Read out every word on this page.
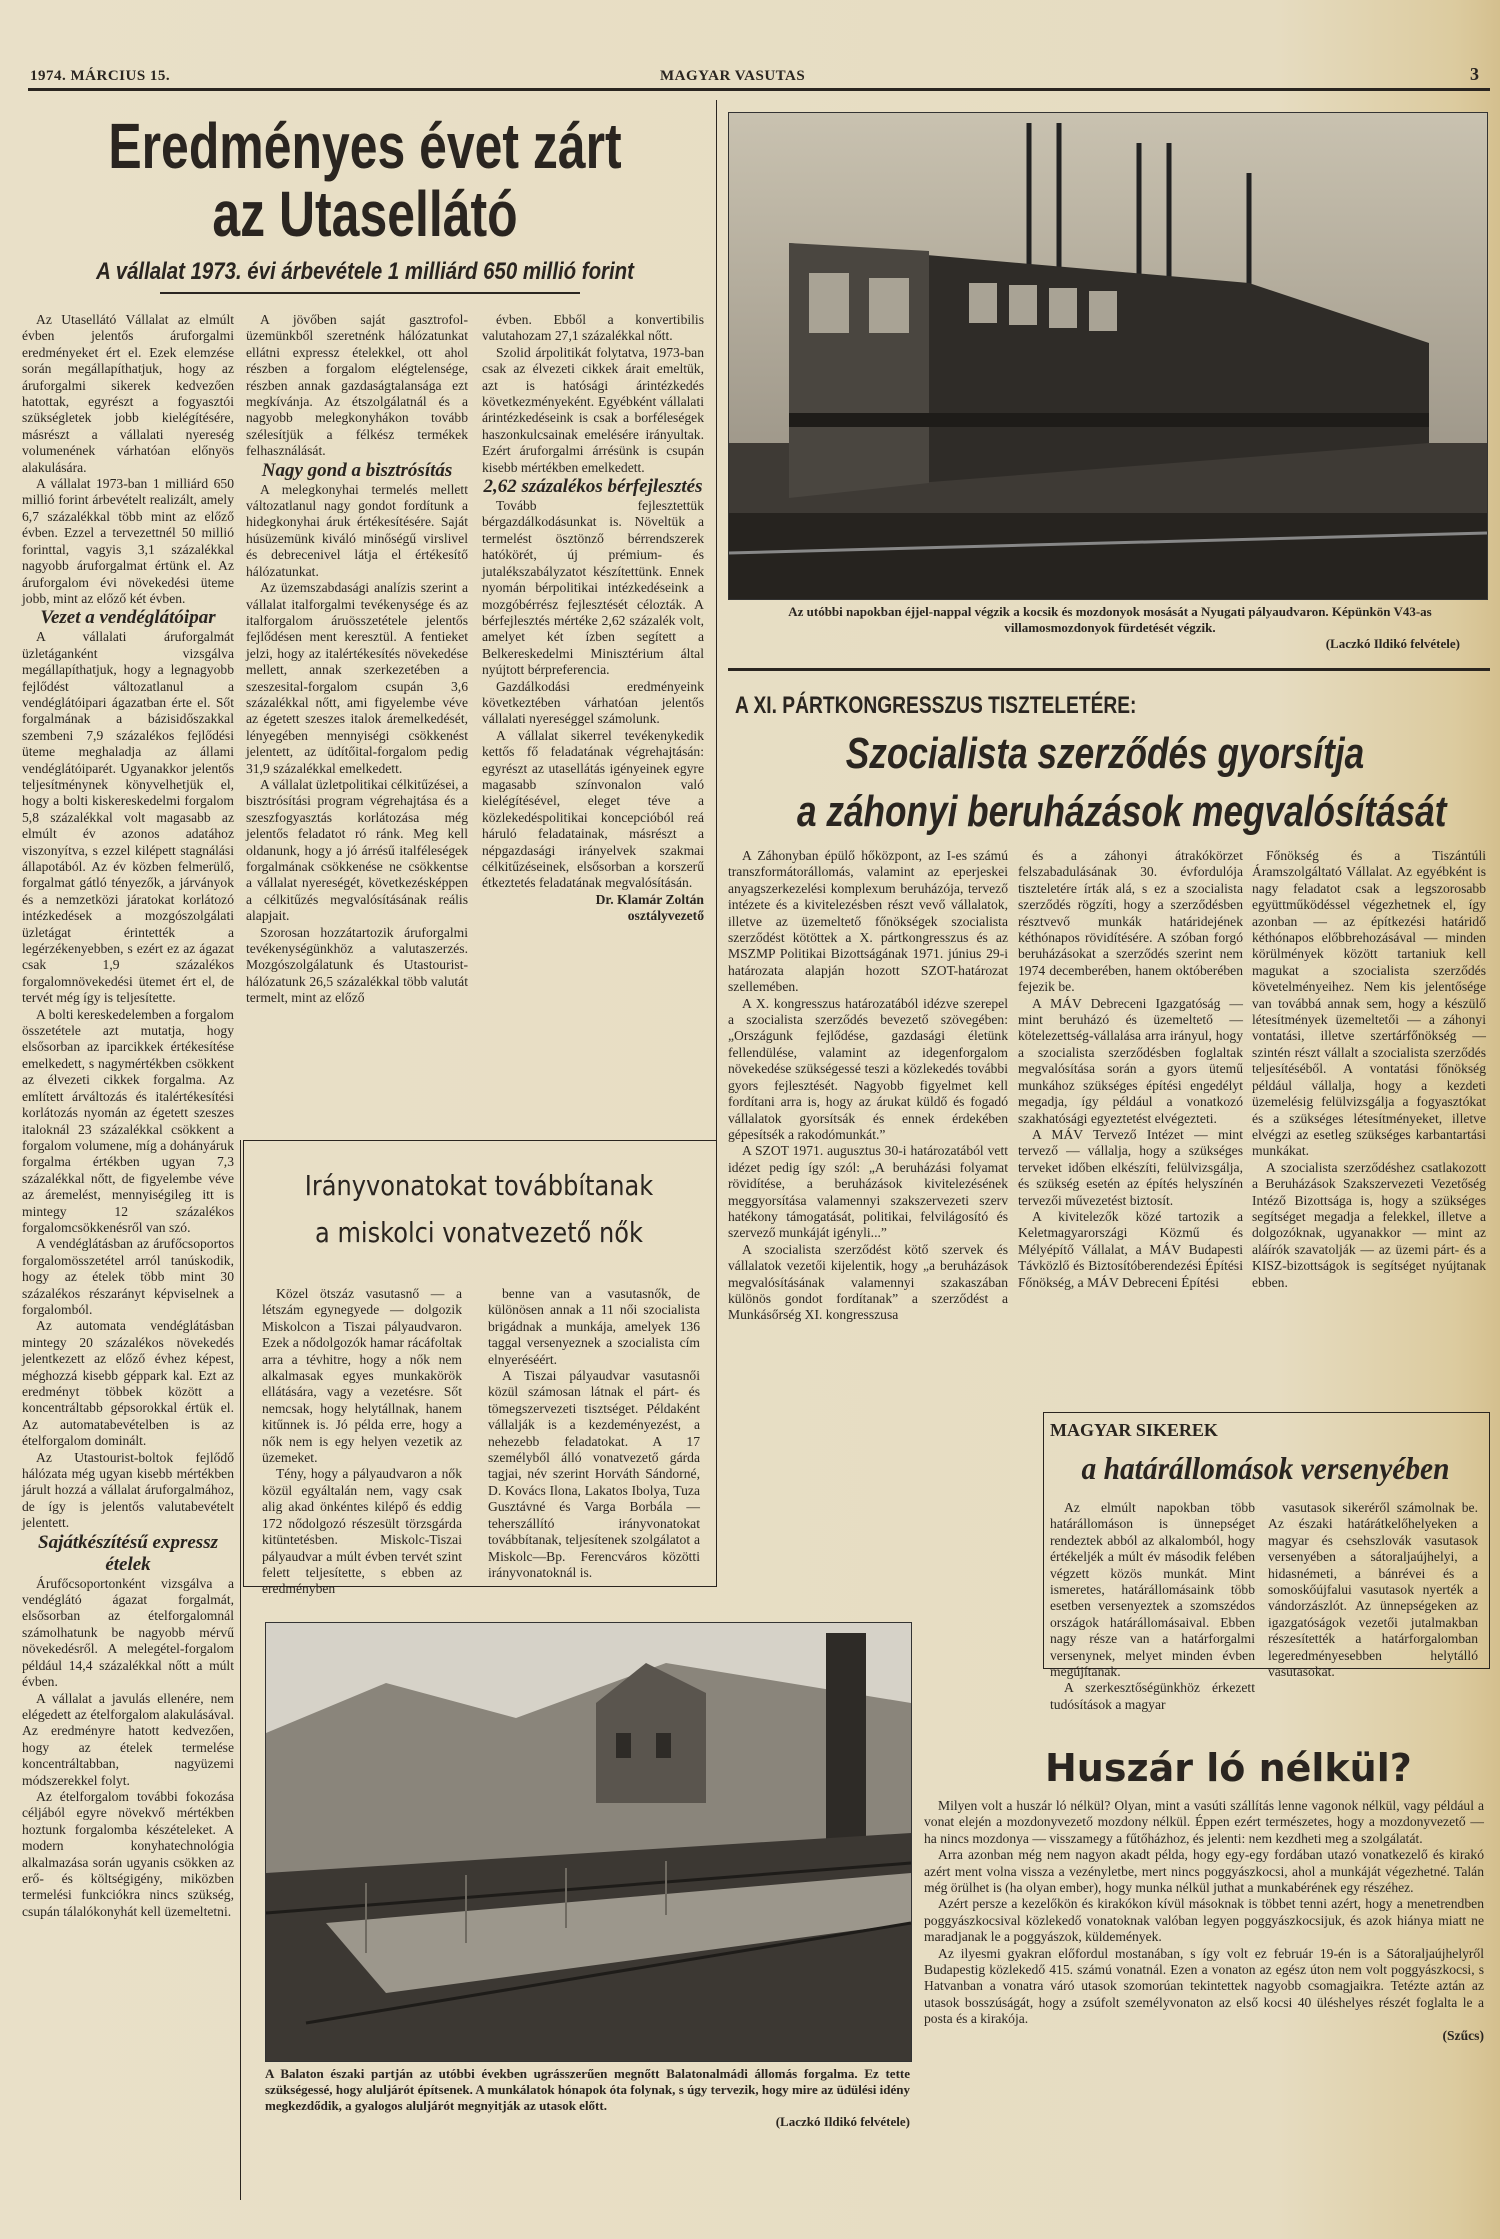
1974. MÁRCIUS 15.	MAGYAR VASUTAS	3
Eredményes évet zárt
az Utasellátó
A vállalat 1973. évi árbevétele 1 milliárd 650 millió forint

Az Utasellátó Vállalat az elmúlt évben jelentős áruforgalmi eredményeket ért el. Ezek elemzése során megállapíthatjuk, hogy az áruforgalmi sikerek kedvezően hatottak, egyrészt a fogyasztói szükségletek jobb kielégítésére, másrészt a vállalati nyereség volumenének várhatóan előnyös alakulására.

A vállalat 1973-ban 1 milliárd 650 millió forint árbevételt realizált, amely 6,7 százalékkal több mint az előző évben. Ezzel a tervezettnél 50 millió forinttal, vagyis 3,1 százalékkal nagyobb áruforgalmat értünk el. Az áruforgalom évi növekedési üteme jobb, mint az előző két évben.

Vezet a vendéglátóipar

A vállalati áruforgalmát üzletáganként vizsgálva megállapíthatjuk, hogy a legnagyobb fejlődést változatlanul a vendéglátóipari ágazatban érte el. Sőt forgalmának a bázisidőszakkal szembeni 7,9 százalékos fejlődési üteme meghaladja az állami vendéglátóiparét. Ugyanakkor jelentős teljesítménynek könyvelhetjük el, hogy a bolti kiskereskedelmi forgalom 5,8 százalékkal volt magasabb az elmúlt év azonos adatához viszonyítva, s ezzel kilépett stagnálási állapotából. Az év közben felmerülő, forgalmat gátló tényezők, a járványok és a nemzetközi járatokat korlátozó intézkedések a mozgószolgálati üzletágat érintették a legérzékenyebben, s ezért ez az ágazat csak 1,9 százalékos forgalomnövekedési ütemet ért el, de tervét még így is teljesítette.

A bolti kereskedelemben a forgalom összetétele azt mutatja, hogy elsősorban az iparcikkek értékesítése emelkedett, s nagymértékben csökkent az élvezeti cikkek forgalma. Az említett árváltozás és italértékesítési korlátozás nyomán az égetett szeszes italoknál 23 százalékkal csökkent a forgalom volumene, míg a dohányáruk forgalma értékben ugyan 7,3 százalékkal nőtt, de figyelembe véve az áremelést, mennyiségileg itt is mintegy 12 százalékos forgalomcsökkenésről van szó.

A vendéglátásban az árufőcsoportos forgalomösszetétel arról tanúskodik, hogy az ételek több mint 30 százalékos részarányt képviselnek a forgalomból.

Az automata vendéglátásban mintegy 20 százalékos növekedés jelentkezett az előző évhez képest, méghozzá kisebb géppark kal. Ezt az eredményt többek között a koncentráltabb gépsorokkal értük el. Az automatabevételben is az ételforgalom dominált.

Az Utastourist-boltok fejlődő hálózata még ugyan kisebb mértékben járult hozzá a vállalat áruforgalmához, de így is jelentős valutabevételt jelentett.

Sajátkészítésű expressz ételek

Árufőcsoportonként vizsgálva a vendéglátó ágazat forgalmát, elsősorban az ételforgalomnál számolhatunk be nagyobb mérvű növekedésről. A melegétel-forgalom például 14,4 százalékkal nőtt a múlt évben.

A vállalat a javulás ellenére, nem elégedett az ételforgalom alakulásával. Az eredményre hatott kedvezően, hogy az ételek termelése koncentráltabban, nagyüzemi módszerekkel folyt.

Az ételforgalom további fokozása céljából egyre növekvő mértékben hoztunk forgalomba készételeket. A modern konyhatechnológia alkalmazása során ugyanis csökken az erő- és költségigény, miközben termelési funkciókra nincs szükség, csupán tálalókonyhát kell üzemeltetni.

A jövőben saját gasztrofol-üzemünkből szeretnénk hálózatunkat ellátni expressz ételekkel, ott ahol részben a forgalom elégtelensége, részben annak gazdaságtalansága ezt megkívánja. Az étszolgálatnál és a nagyobb melegkonyhákon tovább szélesítjük a félkész termékek felhasználását.

Nagy gond a bisztrósítás

A melegkonyhai termelés mellett változatlanul nagy gondot fordítunk a hidegkonyhai áruk értékesítésére. Saját húsüzemünk kiváló minőségű virslivel és debrecenivel látja el értékesítő hálózatunkat.

Az üzemszabdasági analízis szerint a vállalat italforgalmi tevékenysége és az italforgalom áruösszetétele jelentős fejlődésen ment keresztül. A fentieket jelzi, hogy az italértékesítés növekedése mellett, annak szerkezetében a szeszesital-forgalom csupán 3,6 százalékkal nőtt, ami figyelembe véve az égetett szeszes italok áremelkedését, lényegében mennyiségi csökkenést jelentett, az üdítőital-forgalom pedig 31,9 százalékkal emelkedett.

A vállalat üzletpolitikai célkitűzései, a bisztrósítási program végrehajtása és a szeszfogyasztás korlátozása még jelentős feladatot ró ránk. Meg kell oldanunk, hogy a jó árrésű italféleségek forgalmának csökkenése ne csökkentse a vállalat nyereségét, következésképpen a célkitűzés megvalósításának reális alapjait.

Szorosan hozzátartozik áruforgalmi tevékenységünkhöz a valutaszerzés. Mozgószolgálatunk és Utastourist-hálózatunk 26,5 százalékkal több valutát termelt, mint az előző

évben. Ebből a konvertibilis valutahozam 27,1 százalékkal nőtt.

Szolid árpolitikát folytatva, 1973-ban csak az élvezeti cikkek árait emeltük, azt is hatósági árintézkedés következményeként. Egyébként vállalati árintézkedéseink is csak a borféleségek haszonkulcsainak emelésére irányultak. Ezért áruforgalmi árrésünk is csupán kisebb mértékben emelkedett.

2,62 százalékos bérfejlesztés

Tovább fejlesztettük bérgazdálkodásunkat is. Növeltük a termelést ösztönző bérrendszerek hatókörét, új prémium- és jutalékszabályzatot készítettünk. Ennek nyomán bérpolitikai intézkedéseink a mozgóbérrész fejlesztését célozták. A bérfejlesztés mértéke 2,62 százalék volt, amelyet két ízben segített a Belkereskedelmi Minisztérium által nyújtott bérpreferencia.

Gazdálkodási eredményeink következtében várhatóan jelentős vállalati nyereséggel számolunk.

A vállalat sikerrel tevékenykedik kettős fő feladatának végrehajtásán: egyrészt az utasellátás igényeinek egyre magasabb színvonalon való kielégítésével, eleget téve a közlekedéspolitikai koncepcióból reá háruló feladatainak, másrészt a népgazdasági irányelvek szakmai célkitűzéseinek, elsősorban a korszerű étkeztetés feladatának megvalósításán.

Dr. Klamár Zoltán

osztályvezető

Az utóbbi napokban éjjel-nappal végzik a kocsik és mozdonyok mosását a Nyugati pályaudvaron. Képünkön V43-as villamosmozdonyok fürdetését végzik.
(Laczkó Ildikó felvétele)
A XI. PÁRTKONGRESSZUS TISZTELETÉRE:
Szocialista szerződés gyorsítja
a záhonyi beruházások megvalósítását

A Záhonyban épülő hőközpont, az I-es számú transzformátorállomás, valamint az eperjeskei anyagszerkezelési komplexum beruházója, tervező intézete és a kivitelezésben részt vevő vállalatok, illetve az üzemeltető főnökségek szocialista szerződést kötöttek a X. pártkongresszus és az MSZMP Politikai Bizottságának 1971. június 29-i határozata alapján hozott SZOT-határozat szellemében.

A X. kongresszus határozatából idézve szerepel a szocialista szerződés bevezető szövegében: „Országunk fejlődése, gazdasági életünk fellendülése, valamint az idegenforgalom növekedése szükségessé teszi a közlekedés további gyors fejlesztését. Nagyobb figyelmet kell fordítani arra is, hogy az árukat küldő és fogadó vállalatok gyorsítsák és ennek érdekében gépesítsék a rakodómunkát.”

A SZOT 1971. augusztus 30-i határozatából vett idézet pedig így szól: „A beruházási folyamat rövidítése, a beruházások kivitelezésének meggyorsítása valamennyi szakszervezeti szerv hatékony támogatását, politikai, felvilágosító és szervező munkáját igényli...”

A szocialista szerződést kötő szervek és vállalatok vezetői kijelentik, hogy „a beruházások megvalósításának valamennyi szakaszában különös gondot fordítanak” a szerződést a Munkásőrség XI. kongresszusa

és a záhonyi átrakókörzet felszabadulásának 30. évfordulója tiszteletére írták alá, s ez a szocialista szerződés rögzíti, hogy a szerződésben résztvevő munkák határidejének kéthónapos rövidítésére. A szóban forgó beruházásokat a szerződés szerint nem 1974 decemberében, hanem októberében fejezik be.

A MÁV Debreceni Igazgatóság — mint beruházó és üzemeltető — kötelezettség-vállalása arra irányul, hogy a szocialista szerződésben foglaltak megvalósítása során a gyors ütemű munkához szükséges építési engedélyt megadja, így például a vonatkozó szakhatósági egyeztetést elvégezteti.

A MÁV Tervező Intézet — mint tervező — vállalja, hogy a szükséges terveket időben elkészíti, felülvizsgálja, és szükség esetén az építés helyszínén tervezői művezetést biztosít.

A kivitelezők közé tartozik a Keletmagyarországi Közmű és Mélyépítő Vállalat, a MÁV Budapesti Távközlő és Biztosítóberendezési Építési Főnökség, a MÁV Debreceni Építési

Főnökség és a Tiszántúli Áramszolgáltató Vállalat. Az egyébként is nagy feladatot csak a legszorosabb együttműködéssel végezhetnek el, így azonban — az építkezési határidő kéthónapos előbbrehozásával — minden körülmények között tartaniuk kell magukat a szocialista szerződés követelményeihez. Nem kis jelentősége van továbbá annak sem, hogy a készülő létesítmények üzemeltetői — a záhonyi vontatási, illetve szertárfőnökség — szintén részt vállalt a szocialista szerződés teljesítéséből. A vontatási főnökség például vállalja, hogy a kezdeti üzemelésig felülvizsgálja a fogyasztókat és a szükséges létesítményeket, illetve elvégzi az esetleg szükséges karbantartási munkákat.

A szocialista szerződéshez csatlakozott a Beruházások Szakszervezeti Vezetőség Intéző Bizottsága is, hogy a szükséges segítséget megadja a felekkel, illetve a dolgozóknak, ugyanakkor — mint az aláírók szavatolják — az üzemi párt- és a KISZ-bizottságok is segítséget nyújtanak ebben.

Irányvonatokat továbbítanak
a miskolci vonatvezető nők

Közel ötszáz vasutasnő — a létszám egynegyede — dolgozik Miskolcon a Tiszai pályaudvaron. Ezek a nődolgozók hamar rácáfoltak arra a tévhitre, hogy a nők nem alkalmasak egyes munkakörök ellátására, vagy a vezetésre. Sőt nemcsak, hogy helytállnak, hanem kitűnnek is. Jó példa erre, hogy a nők nem is egy helyen vezetik az üzemeket.

Tény, hogy a pályaudvaron a nők közül egyáltalán nem, vagy csak alig akad önkéntes kilépő és eddig 172 nődolgozó részesült törzsgárda kitüntetésben. Miskolc-Tiszai pályaudvar a múlt évben tervét szint felett teljesítette, s ebben az eredményben

benne van a vasutasnők, de különösen annak a 11 női szocialista brigádnak a munkája, amelyek 136 taggal versenyeznek a szocialista cím elnyeréséért.

A Tiszai pályaudvar vasutasnői közül számosan látnak el párt- és tömegszervezeti tisztséget. Példaként vállalják is a kezdeményezést, a nehezebb feladatokat. A 17 személyből álló vonatvezető gárda tagjai, név szerint Horváth Sándorné, D. Kovács Ilona, Lakatos Ibolya, Tuza Gusztávné és Varga Borbála — teherszállító irányvonatokat továbbítanak, teljesítenek szolgálatot a Miskolc—Bp. Ferencváros közötti irányvonatoknál is.

MAGYAR SIKEREK
a határállomások versenyében

Az elmúlt napokban több határállomáson is ünnepséget rendeztek abból az alkalomból, hogy értékeljék a múlt év második felében végzett közös munkát. Mint ismeretes, határállomásaink több esetben versenyeztek a szomszédos országok határállomásaival. Ebben nagy része van a határforgalmi versenynek, melyet minden évben megújítanak.

A szerkesztőségünkhöz érkezett tudósítások a magyar

vasutasok sikeréről számolnak be. Az északi határátkelőhelyeken a magyar és csehszlovák vasutasok versenyében a sátoraljaújhelyi, a hidasnémeti, a bánrévei és a somoskőújfalui vasutasok nyerték a vándorzászlót. Az ünnepségeken az igazgatóságok vezetői jutalmakban részesítették a határforgalomban legeredményesebben helytálló vasutasokat.

A Balaton északi partján az utóbbi években ugrásszerűen megnőtt Balatonalmádi állomás forgalma. Ez tette szükségessé, hogy aluljárót építsenek. A munkálatok hónapok óta folynak, s úgy tervezik, hogy mire az üdülési idény megkezdődik, a gyalogos aluljárót megnyitják az utasok előtt.
(Laczkó Ildikó felvétele)
Huszár ló nélkül?

Milyen volt a huszár ló nélkül? Olyan, mint a vasúti szállítás lenne vagonok nélkül, vagy például a vonat elején a mozdonyvezető mozdony nélkül. Éppen ezért természetes, hogy a mozdonyvezető — ha nincs mozdonya — visszamegy a fűtőházhoz, és jelenti: nem kezdheti meg a szolgálatát.

Arra azonban még nem nagyon akadt példa, hogy egy-egy fordában utazó vonatkezelő és kirakó azért ment volna vissza a vezényletbe, mert nincs poggyászkocsi, ahol a munkáját végezhetné. Talán még örülhet is (ha olyan ember), hogy munka nélkül juthat a munkabérének egy részéhez.

Azért persze a kezelőkön és kirakókon kívül másoknak is többet tenni azért, hogy a menetrendben poggyászkocsival közlekedő vonatoknak valóban legyen poggyászkocsijuk, és azok hiánya miatt ne maradjanak le a poggyászok, küldemények.

Az ilyesmi gyakran előfordul mostanában, s így volt ez február 19-én is a Sátoraljaújhelyről Budapestig közlekedő 415. számú vonatnál. Ezen a vonaton az egész úton nem volt poggyászkocsi, s Hatvanban a vonatra váró utasok szomorúan tekintettek nagyobb csomagjaikra. Tetézte aztán az utasok bosszúságát, hogy a zsúfolt személyvonaton az első kocsi 40 üléshelyes részét foglalta le a posta és a kirakója.

(Szűcs)
